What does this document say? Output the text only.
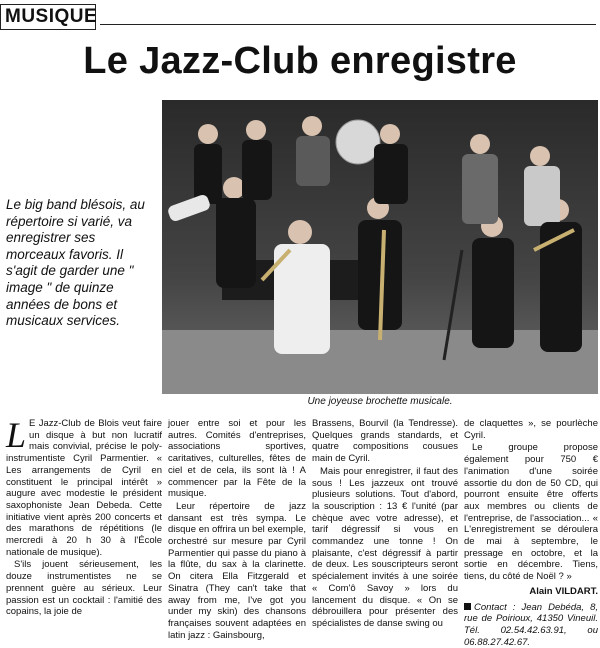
MUSIQUE
Le Jazz-Club enregistre
Une joyeuse brochette musicale.
Le big band blésois, au répertoire si varié, va enregistrer ses morceaux favoris. Il s'agit de garder une " image " de quinze années de bons et musicaux services.
L E Jazz-Club de Blois veut faire un disque à but non lucratif mais convivial, précise le poly-instrumentiste Cyril Parmentier. « Les arrangements de Cyril en constituent le principal intérêt » augure avec modestie le président saxophoniste Jean Debeda. Cette initiative vient après 200 concerts et des marathons de répétitions (le mercredi à 20 h 30 à l'École nationale de musique).

S'ils jouent sérieusement, les douze instrumentistes ne se prennent guère au sérieux. Leur passion est un cocktail : l'amitié des copains, la joie de

jouer entre soi et pour les autres. Comités d'entreprises, associations sportives, caritatives, culturelles, fêtes de ciel et de cela, ils sont là ! A commencer par la Fête de la musique.

Leur répertoire de jazz dansant est très sympa. Le disque en offrira un bel exemple, orchestré sur mesure par Cyril Parmentier qui passe du piano à la flûte, du sax à la clarinette. On citera Ella Fitzgerald et Sinatra (They can't take that away from me, I've got you under my skin) des chansons françaises souvent adaptées en latin jazz : Gainsbourg,

Brassens, Bourvil (la Tendresse). Quelques grands standards, et quatre compositions cousues main de Cyril.

Mais pour enregistrer, il faut des sous ! Les jazzeux ont trouvé plusieurs solutions. Tout d'abord, la souscription : 13 € l'unité (par chèque avec votre adresse), et tarif dégressif si vous en commandez une tonne ! On plaisante, c'est dégressif à partir de deux. Les souscripteurs seront spécialement invités à une soirée « Com'ô Savoy » lors du lancement du disque. « On se débrouillera pour présenter des spécialistes de danse swing ou

de claquettes », se pourlèche Cyril.

Le groupe propose également pour 750 € l'animation d'une soirée assortie du don de 50 CD, qui pourront ensuite être offerts aux membres ou clients de l'entreprise, de l'association... « L'enregistrement se déroulera de mai à septembre, le pressage en octobre, et la sortie en décembre. Tiens, tiens, du côté de Noël ? »

Alain VILDART.
Contact : Jean Debéda, 8, rue de Poirioux, 41350 Vineuil. Tél. 02.54.42.63.91, ou 06.88.27.42.67.
